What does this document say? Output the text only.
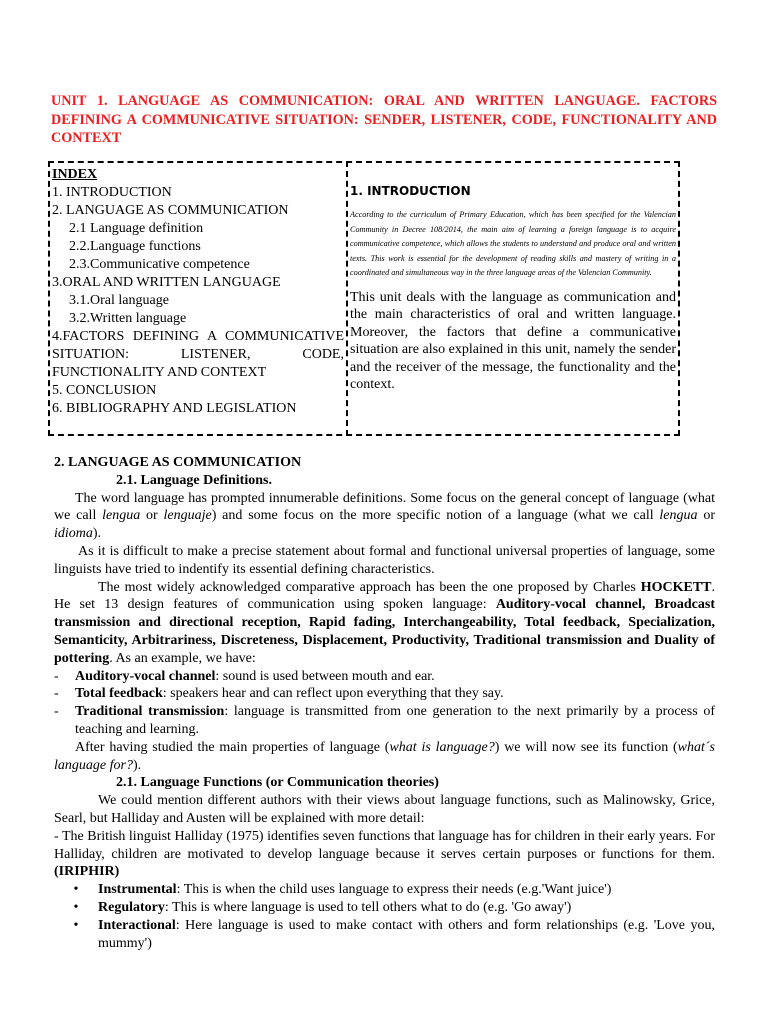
UNIT 1. LANGUAGE AS COMMUNICATION: ORAL AND WRITTEN LANGUAGE. FACTORS DEFINING A COMMUNICATIVE SITUATION: SENDER, LISTENER, CODE, FUNCTIONALITY AND CONTEXT
INDEX
1. INTRODUCTION
2. LANGUAGE AS COMMUNICATION
2.1 Language definition
2.2.Language functions
2.3.Communicative competence
3.ORAL AND WRITTEN LANGUAGE
3.1.Oral language
3.2.Written language
4.FACTORS DEFINING A COMMUNICATIVE SITUATION: LISTENER, CODE, FUNCTIONALITY AND CONTEXT
5. CONCLUSION
6. BIBLIOGRAPHY AND LEGISLATION
1. INTRODUCTION
According to the curriculum of Primary Education, which has been specified for the Valencian Community in Decree 108/2014, the main aim of learning a foreign language is to acquire communicative competence, which allows the students to understand and produce oral and written texts. This work is essential for the development of reading skills and mastery of writing in a coordinated and simultaneous way in the three language areas of the Valencian Community.
This unit deals with the language as communication and the main characteristics of oral and written language. Moreover, the factors that define a communicative situation are also explained in this unit, namely the sender and the receiver of the message, the functionality and the context.

2. LANGUAGE AS COMMUNICATION

2.1. Language Definitions.

The word language has prompted innumerable definitions. Some focus on the general concept of language (what we call lengua or lenguaje) and some focus on the more specific notion of a language (what we call lengua or idioma).

As it is difficult to make a precise statement about formal and functional universal properties of language, some linguists have tried to indentify its essential defining characteristics.

The most widely acknowledged comparative approach has been the one proposed by Charles HOCKETT. He set 13 design features of communication using spoken language: Auditory-vocal channel, Broadcast transmission and directional reception, Rapid fading, Interchangeability, Total feedback, Specialization, Semanticity, Arbitrariness, Discreteness, Displacement, Productivity, Traditional transmission and Duality of pottering. As an example, we have:

-	Auditory-vocal channel: sound is used between mouth and ear.
-	Total feedback: speakers hear and can reflect upon everything that they say.
-	Traditional transmission: language is transmitted from one generation to the next primarily by a process of teaching and learning.

After having studied the main properties of language (what is language?) we will now see its function (what´s language for?).

2.1. Language Functions (or Communication theories)

We could mention different authors with their views about language functions, such as Malinowsky, Grice, Searl, but Halliday and Austen will be explained with more detail:

- The British linguist Halliday (1975) identifies seven functions that language has for children in their early years. For Halliday, children are motivated to develop language because it serves certain purposes or functions for them. (IRIPHIR)

•	Instrumental: This is when the child uses language to express their needs (e.g.'Want juice')
•	Regulatory: This is where language is used to tell others what to do (e.g. 'Go away')
•	Interactional: Here language is used to make contact with others and form relationships (e.g. 'Love you, mummy')
